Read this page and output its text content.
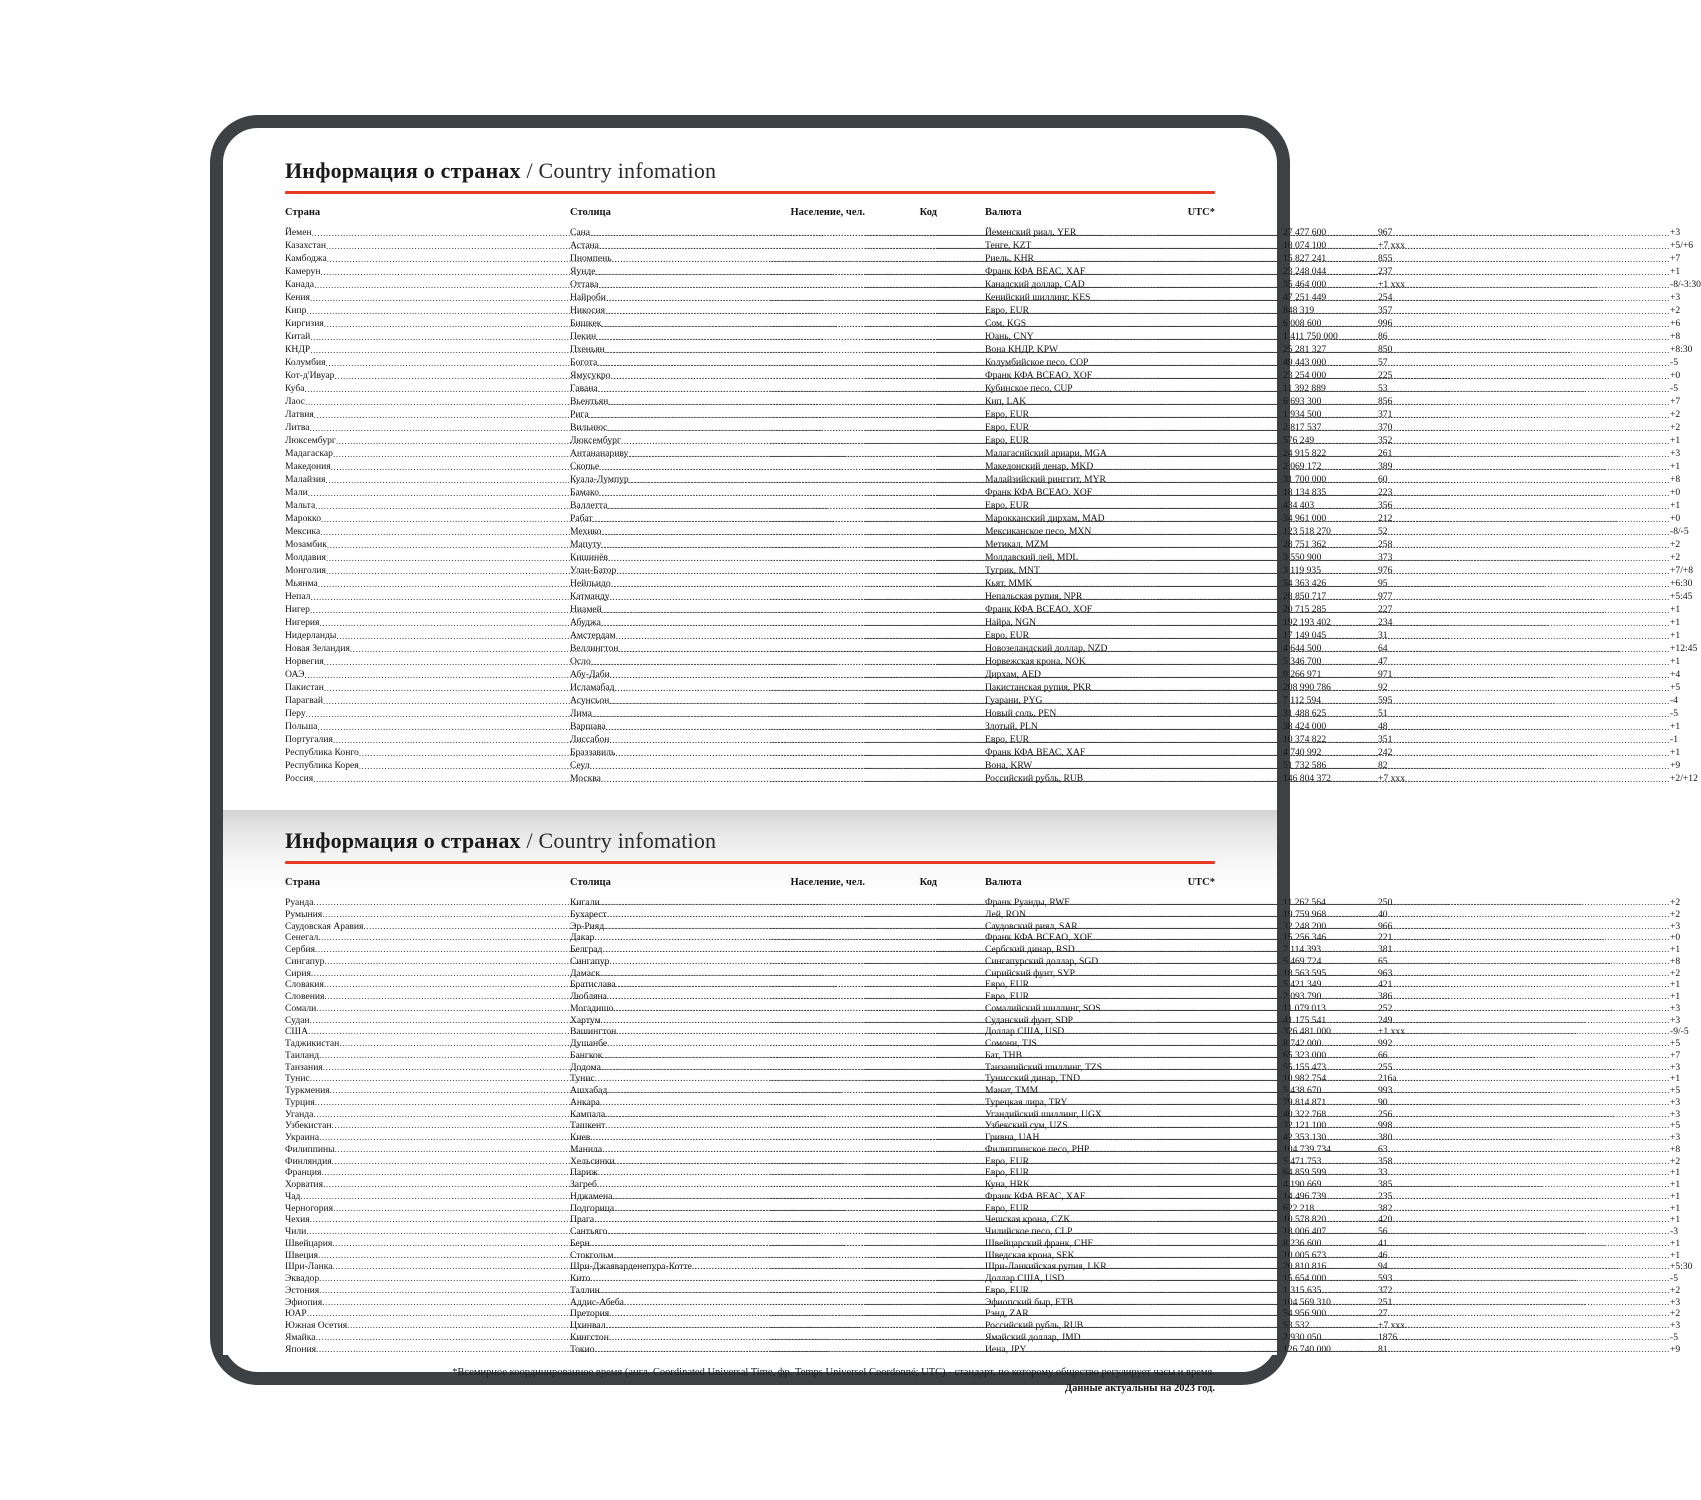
Информация о странах / Country infomation
Страна	Столица	Население, чел.	Код	Валюта	UTC*
Йемен
.....	Сана
.....
.....	27 477 600
.....	967
.....
Йеменский риал, YER
.....
.....	+3
Казахстан
.....	Астана
.....
.....	18 074 100
.....	+7 xxx
.....
Тенге, KZT
.....
.....	+5/+6
Камбоджа
.....	Пномпень
.....
.....	15 827 241
.....	855
.....
Риель, KHR
.....
.....	+7
Камерун
.....	Яунде
.....
.....	23 248 044
.....	237
.....
Франк КФА ВЕАС, XAF
.....
.....	+1
Канада
.....	Оттава
.....
.....	35 464 000
.....	+1 xxx
.....
Канадский доллар, CAD
.....
.....	-8/-3:30
Кения
.....	Найроби
.....
.....	47 251 449
.....	254
.....
Кенийский шиллинг, KES
.....
.....	+3
Кипр
.....	Никосия
.....
.....	848 319
.....	357
.....
Евро, EUR
.....
.....	+2
Киргизия
.....	Бишкек
.....
.....	6 008 600
.....	996
.....
Сом, KGS
.....
.....	+6
Китай
.....	Пекин
.....
.....	1 411 750 000
.....	86
.....
Юань, CNY
.....
.....	+8
КНДР
.....	Пхеньян
.....
.....	25 281 327
.....	850
.....
Вона КНДР, KPW
.....
.....	+8:30
Колумбия
.....	Богота
.....
.....	49 443 000
.....	57
.....
Колумбийское песо, COP
.....
.....	-5
Кот-д'Ивуар
.....	Ямусукро
.....
.....	23 254 000
.....	225
.....
Франк КФА ВСЕАО, XOF
.....
.....	+0
Куба
.....	Гавана
.....
.....	11 392 889
.....	53
.....
Кубинское песо, CUP
.....
.....	-5
Лаос
.....	Вьентьян
.....
.....	6 693 300
.....	856
.....
Кип, LAK
.....
.....	+7
Латвия
.....	Рига
.....
.....	1 934 500
.....	371
.....
Евро, EUR
.....
.....	+2
Литва
.....	Вильнюс
.....
.....	2 817 537
.....	370
.....
Евро, EUR
.....
.....	+2
Люксембург
.....	Люксембург
.....
.....	576 249
.....	352
.....
Евро, EUR
.....
.....	+1
Мадагаскар
.....	Антананариву
.....
.....	24 915 822
.....	261
.....
Малагасийский ариари, MGA
.....
.....	+3
Македония
.....	Скопье
.....
.....	2 069 172
.....	389
.....
Македонский денар, MKD
.....
.....	+1
Малайзия
.....	Куала-Лумпур
.....
.....	31 700 000
.....	60
.....
Малайзийский ринггит, MYR
.....
.....	+8
Мали
.....	Бамако
.....
.....	18 134 835
.....	223
.....
Франк КФА ВСЕАО, XOF
.....
.....	+0
Мальта
.....	Валлетта
.....
.....	434 403
.....	356
.....
Евро, EUR
.....
.....	+1
Марокко
.....	Рабат
.....
.....	34 961 000
.....	212
.....
Марокканский дирхам, MAD
.....
.....	+0
Мексика
.....	Мехико
.....
.....	123 518 270
.....	52
.....
Мексиканское песо, MXN
.....
.....	-8/-5
Мозамбик
.....	Мапуту
.....
.....	28 751 362
.....	258
.....
Метикал, MZM
.....
.....	+2
Молдавия
.....	Кишинёв
.....
.....	3 550 900
.....	373
.....
Молдавский лей, MDL
.....
.....	+2
Монголия
.....	Улан-Батор
.....
.....	3 119 935
.....	976
.....
Тугрик, MNT
.....
.....	+7/+8
Мьянма
.....	Нейпьидо
.....
.....	54 363 426
.....	95
.....
Кьят, MMK
.....
.....	+6:30
Непал
.....	Катманду
.....
.....	28 850 717
.....	977
.....
Непальская рупия, NPR
.....
.....	+5:45
Нигер
.....	Ниамей
.....
.....	20 715 285
.....	227
.....
Франк КФА ВСЕАО, XOF
.....
.....	+1
Нигерия
.....	Абуджа
.....
.....	192 193 402
.....	234
.....
Найра, NGN
.....
.....	+1
Нидерланды
.....	Амстердам
.....
.....	17 149 045
.....	31
.....
Евро, EUR
.....
.....	+1
Новая Зеландия
.....	Веллингтон
.....
.....	4 644 500
.....	64
.....
Новозеландский доллар, NZD
.....
.....	+12:45
Норвегия
.....	Осло
.....
.....	5 346 700
.....	47
.....
Норвежская крона, NOK
.....
.....	+1
ОАЭ
.....	Абу-Даби
.....
.....	9 266 971
.....	971
.....
Дирхам, AED
.....
.....	+4
Пакистан
.....	Исламабад
.....
.....	208 990 786
.....	92
.....
Пакистанская рупия, PKR
.....
.....	+5
Парагвай
.....	Асунсьон
.....
.....	7 112 594
.....	595
.....
Гуарани, PYG
.....
.....	-4
Перу
.....	Лима
.....
.....	31 488 625
.....	51
.....
Новый соль, PEN
.....
.....	-5
Польша
.....	Варшава
.....
.....	38 424 000
.....	48
.....
Злотый, PLN
.....
.....	+1
Португалия
.....	Лиссабон
.....
.....	10 374 822
.....	351
.....
Евро, EUR
.....
.....	-1
Республика Конго
.....	Браззавиль
.....
.....	4 740 992
.....	242
.....
Франк КФА ВЕАС, XAF
.....
.....	+1
Республика Корея
.....	Сеул
.....
.....	51 732 586
.....	82
.....
Вона, KRW
.....
.....	+9
Россия
.....	Москва
.....
.....	146 804 372
.....	+7 xxx
.....
Российский рубль, RUB
.....
.....	+2/+12
Информация о странах / Country infomation
Страна	Столица	Население, чел.	Код	Валюта	UTC*
Руанда
.....	Кигали
.....
.....	11 262 564
.....	250
.....
Франк Руанды, RWF
.....
.....	+2
Румыния
.....	Бухарест
.....
.....	19 759 968
.....	40
.....
Лей, RON
.....
.....	+2
Саудовская Аравия
.....	Эр-Рияд
.....
.....	32 248 200
.....	966
.....
Саудовский риял, SAR
.....
.....	+3
Сенегал
.....	Дакар
.....
.....	15 256 346
.....	221
.....
Франк КФА ВСЕАО, XOF
.....
.....	+0
Сербия
.....	Белград
.....
.....	7 114 393
.....	381
.....
Сербский динар, RSD
.....
.....	+1
Сингапур
.....	Сингапур
.....
.....	5 469 724
.....	65
.....
Сингапурский доллар, SGD
.....
.....	+8
Сирия
.....	Дамаск
.....
.....	18 563 595
.....	963
.....
Сирийский фунт, SYP
.....
.....	+2
Словакия
.....	Братислава
.....
.....	5 421 349
.....	421
.....
Евро, EUR
.....
.....	+1
Словения
.....	Любляна
.....
.....	2 093 790
.....	386
.....
Евро, EUR
.....
.....	+1
Сомали
.....	Могадишо
.....
.....	11 079 013
.....	252
.....
Сомалийский шиллинг, SOS
.....
.....	+3
Судан
.....	Хартум
.....
.....	41 175 541
.....	249
.....
Суданский фунт, SDP
.....
.....	+3
США
.....	Вашингтон
.....
.....	326 481 000
.....	+1 xxx
.....
Доллар США, USD
.....
.....	-9/-5
Таджикистан
.....	Душанбе
.....
.....	8 742 000
.....	992
.....
Сомони, TJS
.....
.....	+5
Таиланд
.....	Бангкок
.....
.....	65 323 000
.....	66
.....
Бат, THB
.....
.....	+7
Танзания
.....	Додома
.....
.....	55 155 473
.....	255
.....
Танзанийский шиллинг, TZS
.....
.....	+3
Тунис
.....	Тунис
.....
.....	10 982 754
.....	216a
.....
Тунисский динар, TND
.....
.....	+1
Туркмения
.....	Ашхабад
.....
.....	5 438 670
.....	993
.....
Манат, TMM
.....
.....	+5
Турция
.....	Анкара
.....
.....	79 814 871
.....	90
.....
Турецкая лира, TRY
.....
.....	+3
Уганда
.....	Кампала
.....
.....	40 322 768
.....	256
.....
Угандийский шиллинг, UGX
.....
.....	+3
Узбекистан
.....	Ташкент
.....
.....	32 121 100
.....	998
.....
Узбекский сум, UZS
.....
.....	+5
Украина
.....	Киев
.....
.....	42 353 130
.....	380
.....
Гривна, UAH
.....
.....	+3
Филиппины
.....	Манила
.....
.....	104 739 734
.....	63
.....
Филиппинское песо, PHP
.....
.....	+8
Финляндия
.....	Хельсинки
.....
.....	5 471 753
.....	358
.....
Евро, EUR
.....
.....	+2
Франция
.....	Париж
.....
.....	64 859 599
.....	33
.....
Евро, EUR
.....
.....	+1
Хорватия
.....	Загреб
.....
.....	4 190 669
.....	385
.....
Куна, HRK
.....
.....	+1
Чад
.....	Нджамена
.....
.....	14 496 739
.....	235
.....
Франк КФА ВЕАС, XAF
.....
.....	+1
Черногория
.....	Подгорица
.....
.....	622 218
.....	382
.....
Евро, EUR
.....
.....	+1
Чехия
.....	Прага
.....
.....	10 578 820
.....	420
.....
Чешская крона, CZK
.....
.....	+1
Чили
.....	Сантьяго
.....
.....	18 006 407
.....	56
.....
Чилийское песо, CLP
.....
.....	-3
Швейцария
.....	Берн
.....
.....	8 236 600
.....	41
.....
Швейцарский франк, CHF
.....
.....	+1
Швеция
.....	Стокгольм
.....
.....	10 005 673
.....	46
.....
Шведская крона, SEK
.....
.....	+1
Шри-Ланка
.....	Шри-Джаяварденепура-Котте
.....
.....	20 810 816
.....	94
.....
Шри-Ланкийская рупия, LKR
.....
.....	+5:30
Эквадор
.....	Кито
.....
.....	15 654 000
.....	593
.....
Доллар США, USD
.....
.....	-5
Эстония
.....	Таллин
.....
.....	1 315 635
.....	372
.....
Евро, EUR
.....
.....	+2
Эфиопия
.....	Аддис-Абеба
.....
.....	104 569 310
.....	251
.....
Эфиопский быр, ETB
.....
.....	+3
ЮАР
.....	Претория
.....
.....	54 956 900
.....	27
.....
Рэнд, ZAR
.....
.....	+2
Южная Осетия
.....	Цхинвал
.....
.....	53 532
.....	+7 xxx
.....
Российский рубль, RUB
.....
.....	+3
Ямайка
.....	Кингстон
.....
.....	2 930 050
.....	1876
.....
Ямайский доллар, JMD
.....
.....	-5
Япония
.....	Токио
.....
.....	126 740 000
.....	81
.....
Иена, JPY
.....
.....	+9
*Всемирное координированное время (англ. Coordinated Universal Time, фр. Temps Universel Coordonné; UTC) - стандарт, по которому общество регулирует часы и время.
Данные актуальны на 2023 год.
